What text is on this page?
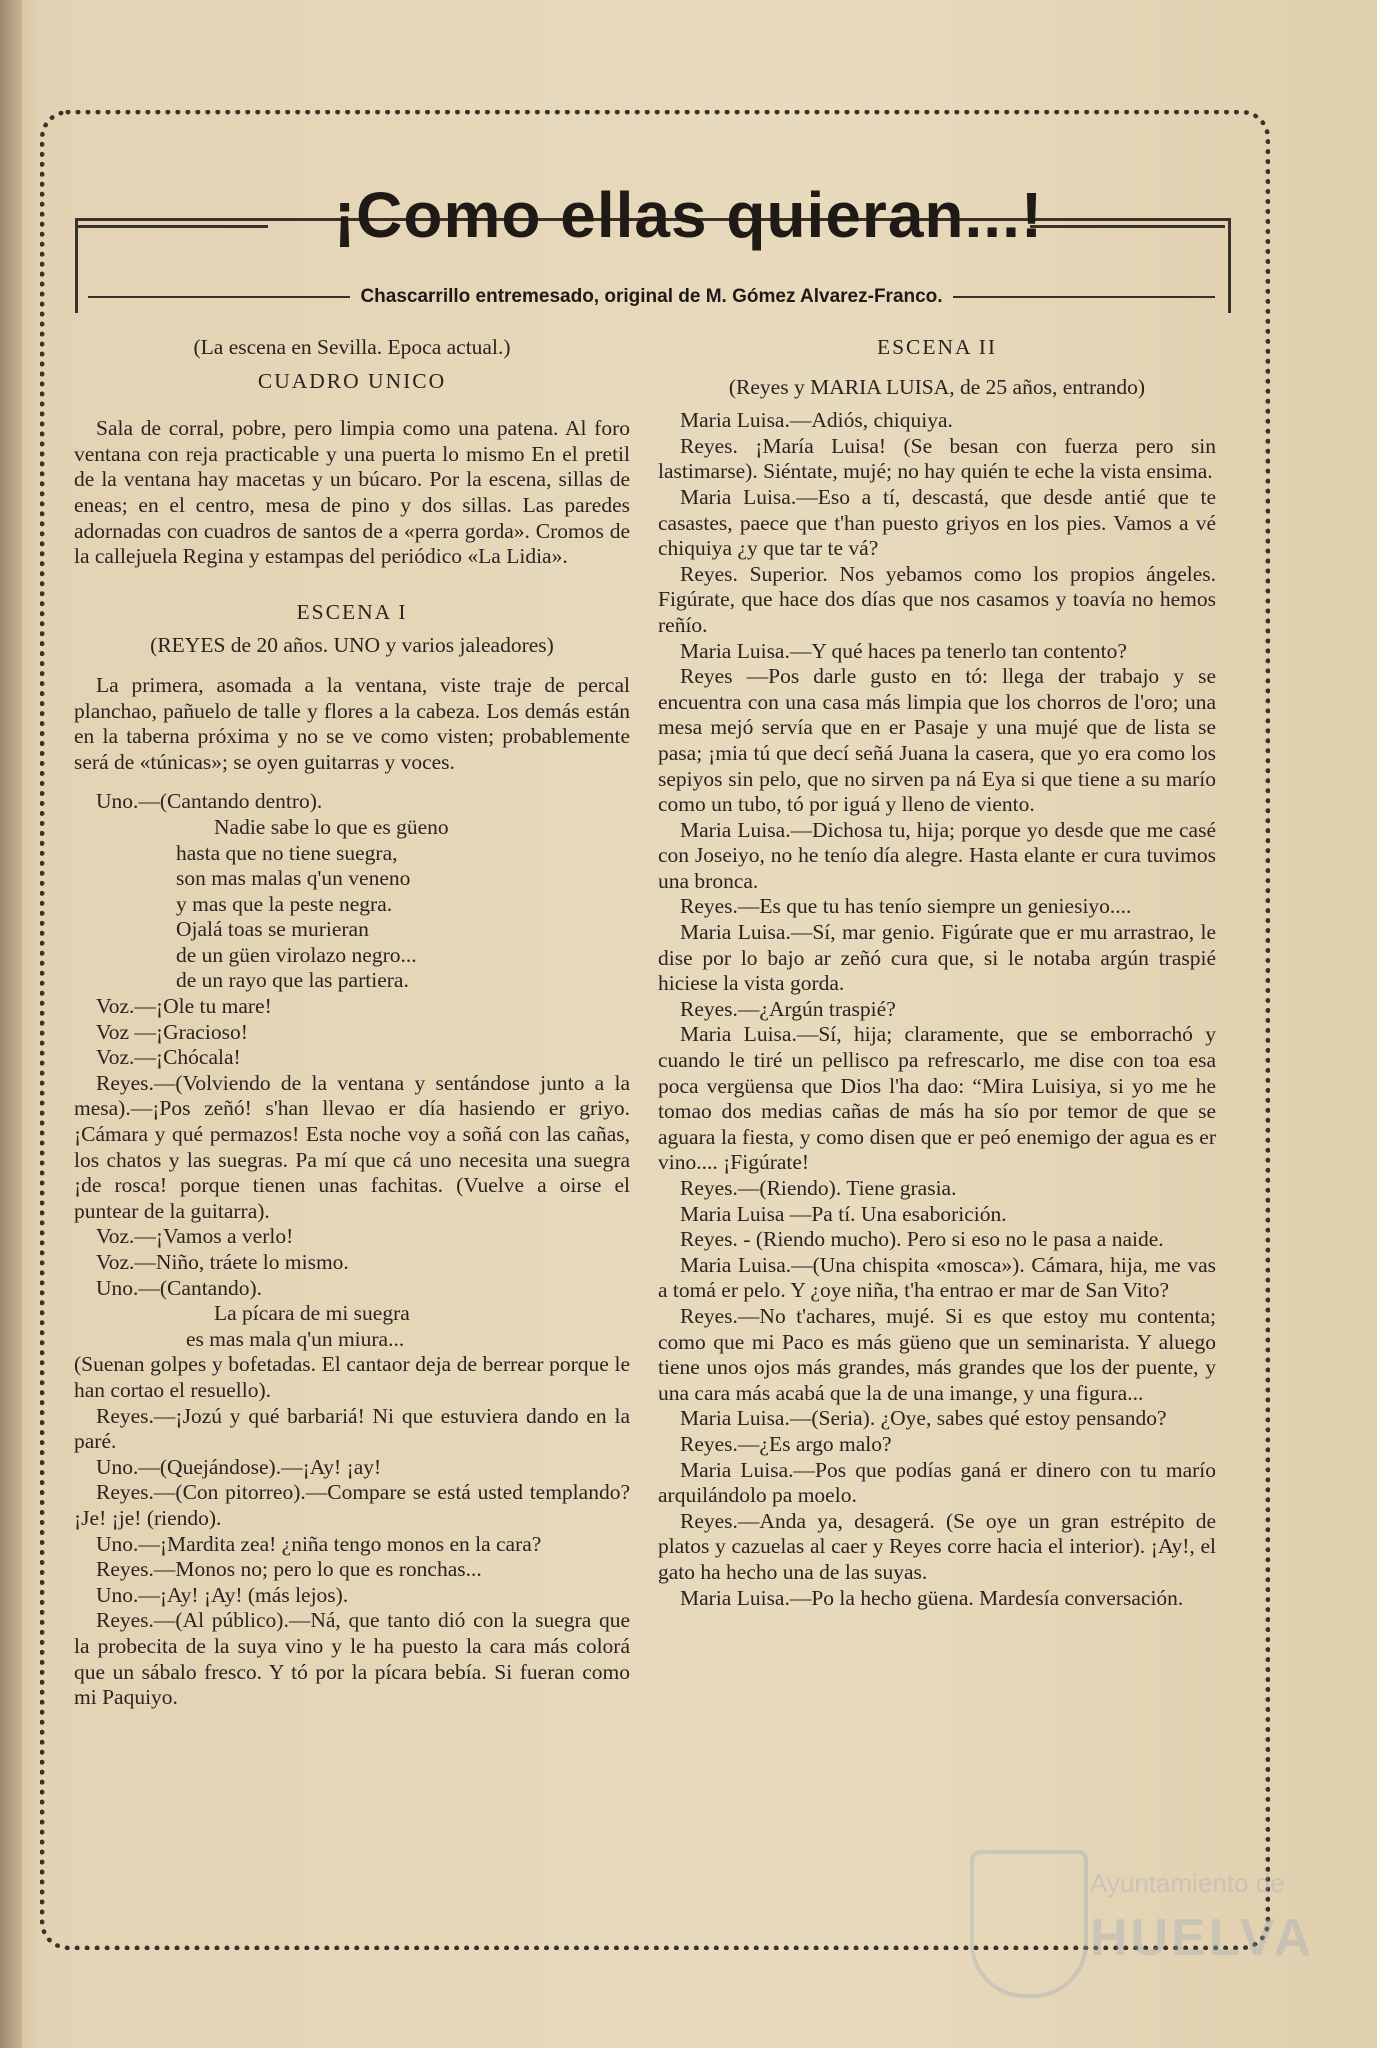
¡Como ellas quieran...!
Chascarrillo entremesado, original de M. Gómez Alvarez-Franco.
(La escena en Sevilla. Epoca actual.)
CUADRO UNICO

Sala de corral, pobre, pero limpia como una patena. Al foro ventana con reja practicable y una puerta lo mismo En el pretil de la ventana hay macetas y un búcaro. Por la escena, sillas de eneas; en el centro, mesa de pino y dos sillas. Las paredes adornadas con cuadros de santos de a «perra gorda». Cromos de la callejuela Regina y estampas del periódico «La Lidia».

ESCENA I
(REYES de 20 años. UNO y varios jaleadores)

La primera, asomada a la ventana, viste traje de percal planchao, pañuelo de talle y flores a la cabeza. Los demás están en la taberna próxima y no se ve como visten; probablemente será de «túnicas»; se oyen guitarras y voces.

Uno.—(Cantando dentro).

Nadie sabe lo que es güeno

hasta que no tiene suegra,

son mas malas q'un veneno

y mas que la peste negra.

Ojalá toas se murieran

de un güen virolazo negro...

de un rayo que las partiera.

Voz.—¡Ole tu mare!

Voz —¡Gracioso!

Voz.—¡Chócala!

Reyes.—(Volviendo de la ventana y sentándose junto a la mesa).—¡Pos zeñó! s'han llevao er día hasiendo er griyo. ¡Cámara y qué permazos! Esta noche voy a soñá con las cañas, los chatos y las suegras. Pa mí que cá uno necesita una suegra ¡de rosca! porque tienen unas fachitas. (Vuelve a oirse el puntear de la guitarra).

Voz.—¡Vamos a verlo!

Voz.—Niño, tráete lo mismo.

Uno.—(Cantando).

La pícara de mi suegra

es mas mala q'un miura...

(Suenan golpes y bofetadas. El cantaor deja de berrear porque le han cortao el resuello).

Reyes.—¡Jozú y qué barbariá! Ni que estuviera dando en la paré.

Uno.—(Quejándose).—¡Ay! ¡ay!

Reyes.—(Con pitorreo).—Compare se está usted templando? ¡Je! ¡je! (riendo).

Uno.—¡Mardita zea! ¿niña tengo monos en la cara?

Reyes.—Monos no; pero lo que es ronchas...

Uno.—¡Ay! ¡Ay! (más lejos).

Reyes.—(Al público).—Ná, que tanto dió con la suegra que la probecita de la suya vino y le ha puesto la cara más colorá que un sábalo fresco. Y tó por la pícara bebía. Si fueran como mi Paquiyo.

ESCENA II
(Reyes y MARIA LUISA, de 25 años, entrando)

Maria Luisa.—Adiós, chiquiya.

Reyes. ¡María Luisa! (Se besan con fuerza pero sin lastimarse). Siéntate, mujé; no hay quién te eche la vista ensima.

Maria Luisa.—Eso a tí, descastá, que desde antié que te casastes, paece que t'han puesto griyos en los pies. Vamos a vé chiquiya ¿y que tar te vá?

Reyes. Superior. Nos yebamos como los propios ángeles. Figúrate, que hace dos días que nos casamos y toavía no hemos reñío.

Maria Luisa.—Y qué haces pa tenerlo tan contento?

Reyes —Pos darle gusto en tó: llega der trabajo y se encuentra con una casa más limpia que los chorros de l'oro; una mesa mejó servía que en er Pasaje y una mujé que de lista se pasa; ¡mia tú que decí señá Juana la casera, que yo era como los sepiyos sin pelo, que no sirven pa ná Eya si que tiene a su marío como un tubo, tó por iguá y lleno de viento.

Maria Luisa.—Dichosa tu, hija; porque yo desde que me casé con Joseiyo, no he tenío día alegre. Hasta elante er cura tuvimos una bronca.

Reyes.—Es que tu has tenío siempre un geniesiyo....

Maria Luisa.—Sí, mar genio. Figúrate que er mu arrastrao, le dise por lo bajo ar zeñó cura que, si le notaba argún traspié hiciese la vista gorda.

Reyes.—¿Argún traspié?

Maria Luisa.—Sí, hija; claramente, que se emborrachó y cuando le tiré un pellisco pa refrescarlo, me dise con toa esa poca vergüensa que Dios l'ha dao: “Mira Luisiya, si yo me he tomao dos medias cañas de más ha sío por temor de que se aguara la fiesta, y como disen que er peó enemigo der agua es er vino.... ¡Figúrate!

Reyes.—(Riendo). Tiene grasia.

Maria Luisa —Pa tí. Una esaborición.

Reyes. - (Riendo mucho). Pero si eso no le pasa a naide.

Maria Luisa.—(Una chispita «mosca»). Cámara, hija, me vas a tomá er pelo. Y ¿oye niña, t'ha entrao er mar de San Vito?

Reyes.—No t'achares, mujé. Si es que estoy mu contenta; como que mi Paco es más güeno que un seminarista. Y aluego tiene unos ojos más grandes, más grandes que los der puente, y una cara más acabá que la de una imange, y una figura...

Maria Luisa.—(Seria). ¿Oye, sabes qué estoy pensando?

Reyes.—¿Es argo malo?

Maria Luisa.—Pos que podías ganá er dinero con tu marío arquilándolo pa moelo.

Reyes.—Anda ya, desagerá. (Se oye un gran estrépito de platos y cazuelas al caer y Reyes corre hacia el interior). ¡Ay!, el gato ha hecho una de las suyas.

Maria Luisa.—Po la hecho güena. Mardesía conversación.

Ayuntamiento de
HUELVA
